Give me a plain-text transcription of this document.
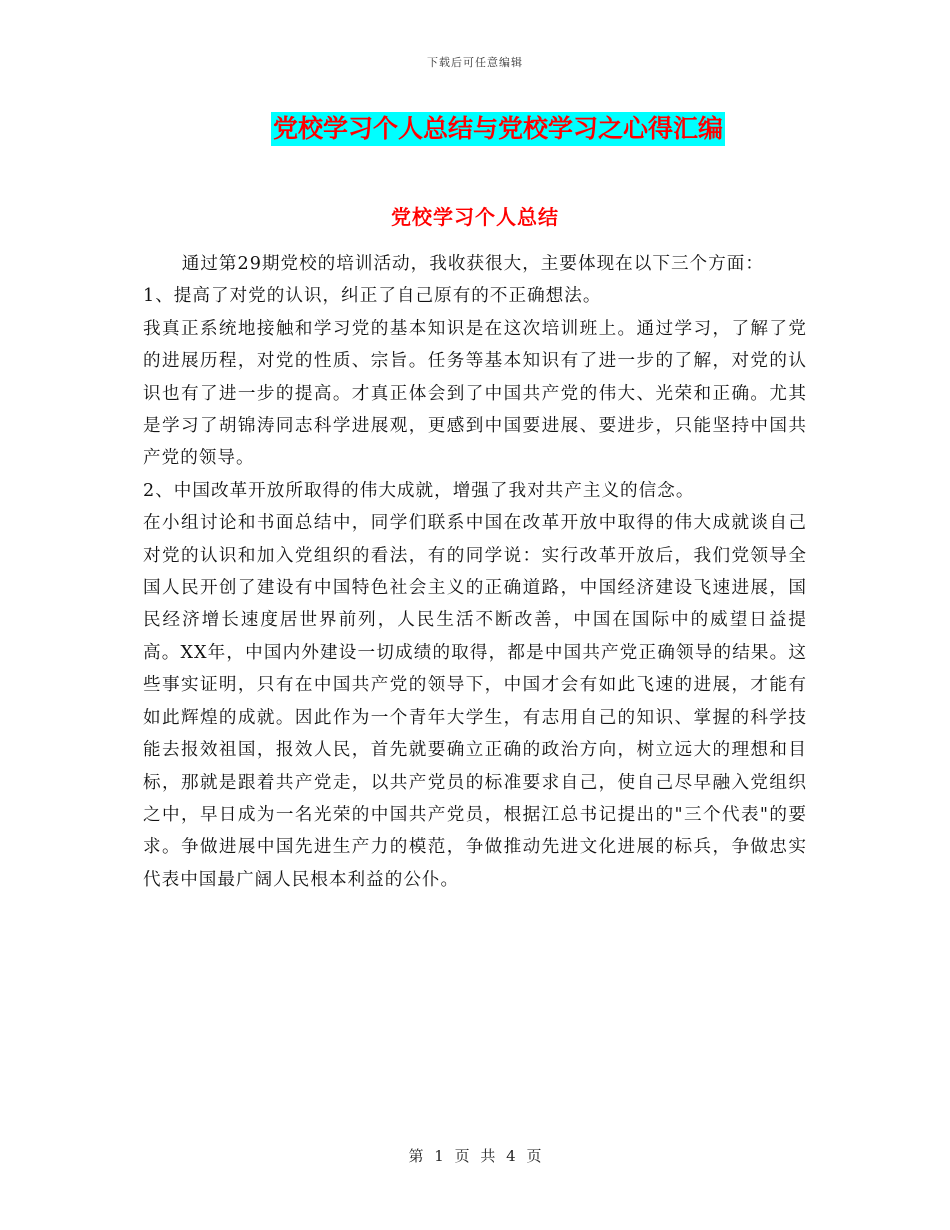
下载后可任意编辑
党校学习个人总结与党校学习之心得汇编
党校学习个人总结

通过第29期党校的培训活动，我收获很大，主要体现在以下三个方面：

1、提高了对党的认识，纠正了自己原有的不正确想法。

我真正系统地接触和学习党的基本知识是在这次培训班上。通过学习，了解了党的进展历程，对党的性质、宗旨。任务等基本知识有了进一步的了解，对党的认识也有了进一步的提高。才真正体会到了中国共产党的伟大、光荣和正确。尤其是学习了胡锦涛同志科学进展观，更感到中国要进展、要进步，只能坚持中国共产党的领导。

2、中国改革开放所取得的伟大成就，增强了我对共产主义的信念。

在小组讨论和书面总结中，同学们联系中国在改革开放中取得的伟大成就谈自己对党的认识和加入党组织的看法，有的同学说：实行改革开放后，我们党领导全国人民开创了建设有中国特色社会主义的正确道路，中国经济建设飞速进展，国民经济增长速度居世界前列，人民生活不断改善，中国在国际中的威望日益提高。XX年，中国内外建设一切成绩的取得，都是中国共产党正确领导的结果。这些事实证明，只有在中国共产党的领导下，中国才会有如此飞速的进展，才能有如此辉煌的成就。因此作为一个青年大学生，有志用自己的知识、掌握的科学技能去报效祖国，报效人民，首先就要确立正确的政治方向，树立远大的理想和目标，那就是跟着共产党走，以共产党员的标准要求自己，使自己尽早融入党组织之中，早日成为一名光荣的中国共产党员，根据江总书记提出的"三个代表"的要求。争做进展中国先进生产力的模范，争做推动先进文化进展的标兵，争做忠实代表中国最广阔人民根本利益的公仆。

第 1 页 共 4 页
